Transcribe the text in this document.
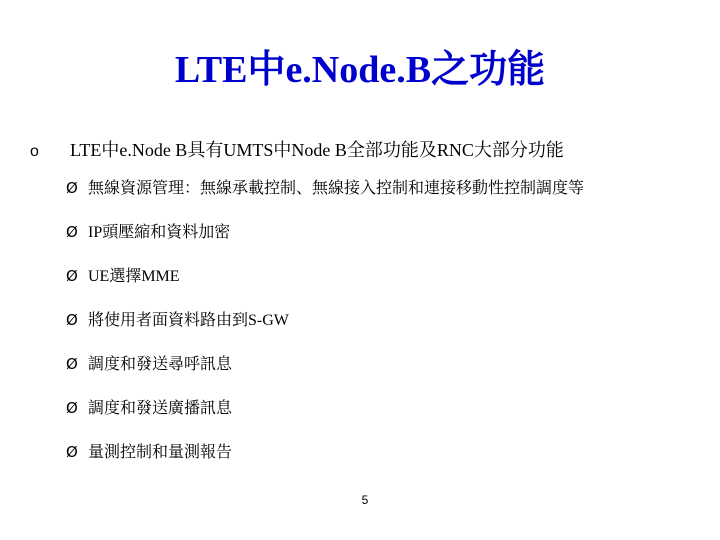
LTE中e.Node.B之功能
o LTE中e.Node B具有UMTS中Node B全部功能及RNC大部分功能
Ø 無線資源管理：無線承載控制、無線接入控制和連接移動性控制調度等
Ø IP頭壓縮和資料加密
Ø UE選擇MME
Ø 將使用者面資料路由到S-GW
Ø 調度和發送尋呼訊息
Ø 調度和發送廣播訊息
Ø 量測控制和量測報告
5
